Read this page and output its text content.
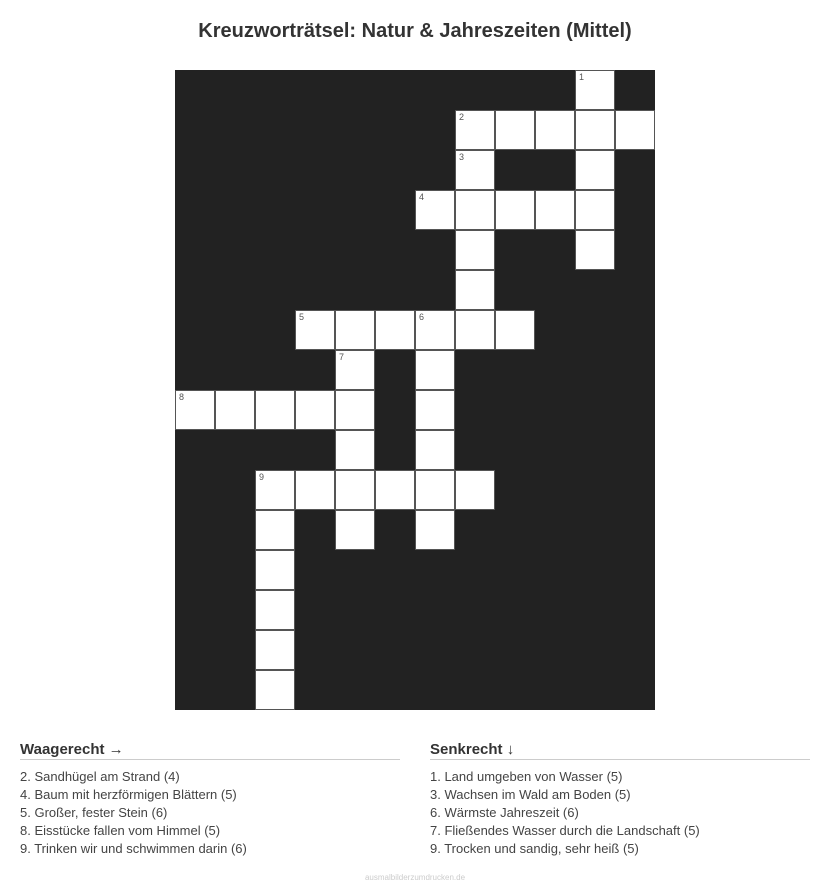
Kreuzworträtsel: Natur & Jahreszeiten (Mittel)
1
2
3
4
5	6
7
8
9
Waagerecht →
2. Sandhügel am Strand (4)
4. Baum mit herzförmigen Blättern (5)
5. Großer, fester Stein (6)
8. Eisstücke fallen vom Himmel (5)
9. Trinken wir und schwimmen darin (6)
Senkrecht ↓
1. Land umgeben von Wasser (5)
3. Wachsen im Wald am Boden (5)
6. Wärmste Jahreszeit (6)
7. Fließendes Wasser durch die Landschaft (5)
9. Trocken und sandig, sehr heiß (5)
ausmalbilderzumdrucken.de
